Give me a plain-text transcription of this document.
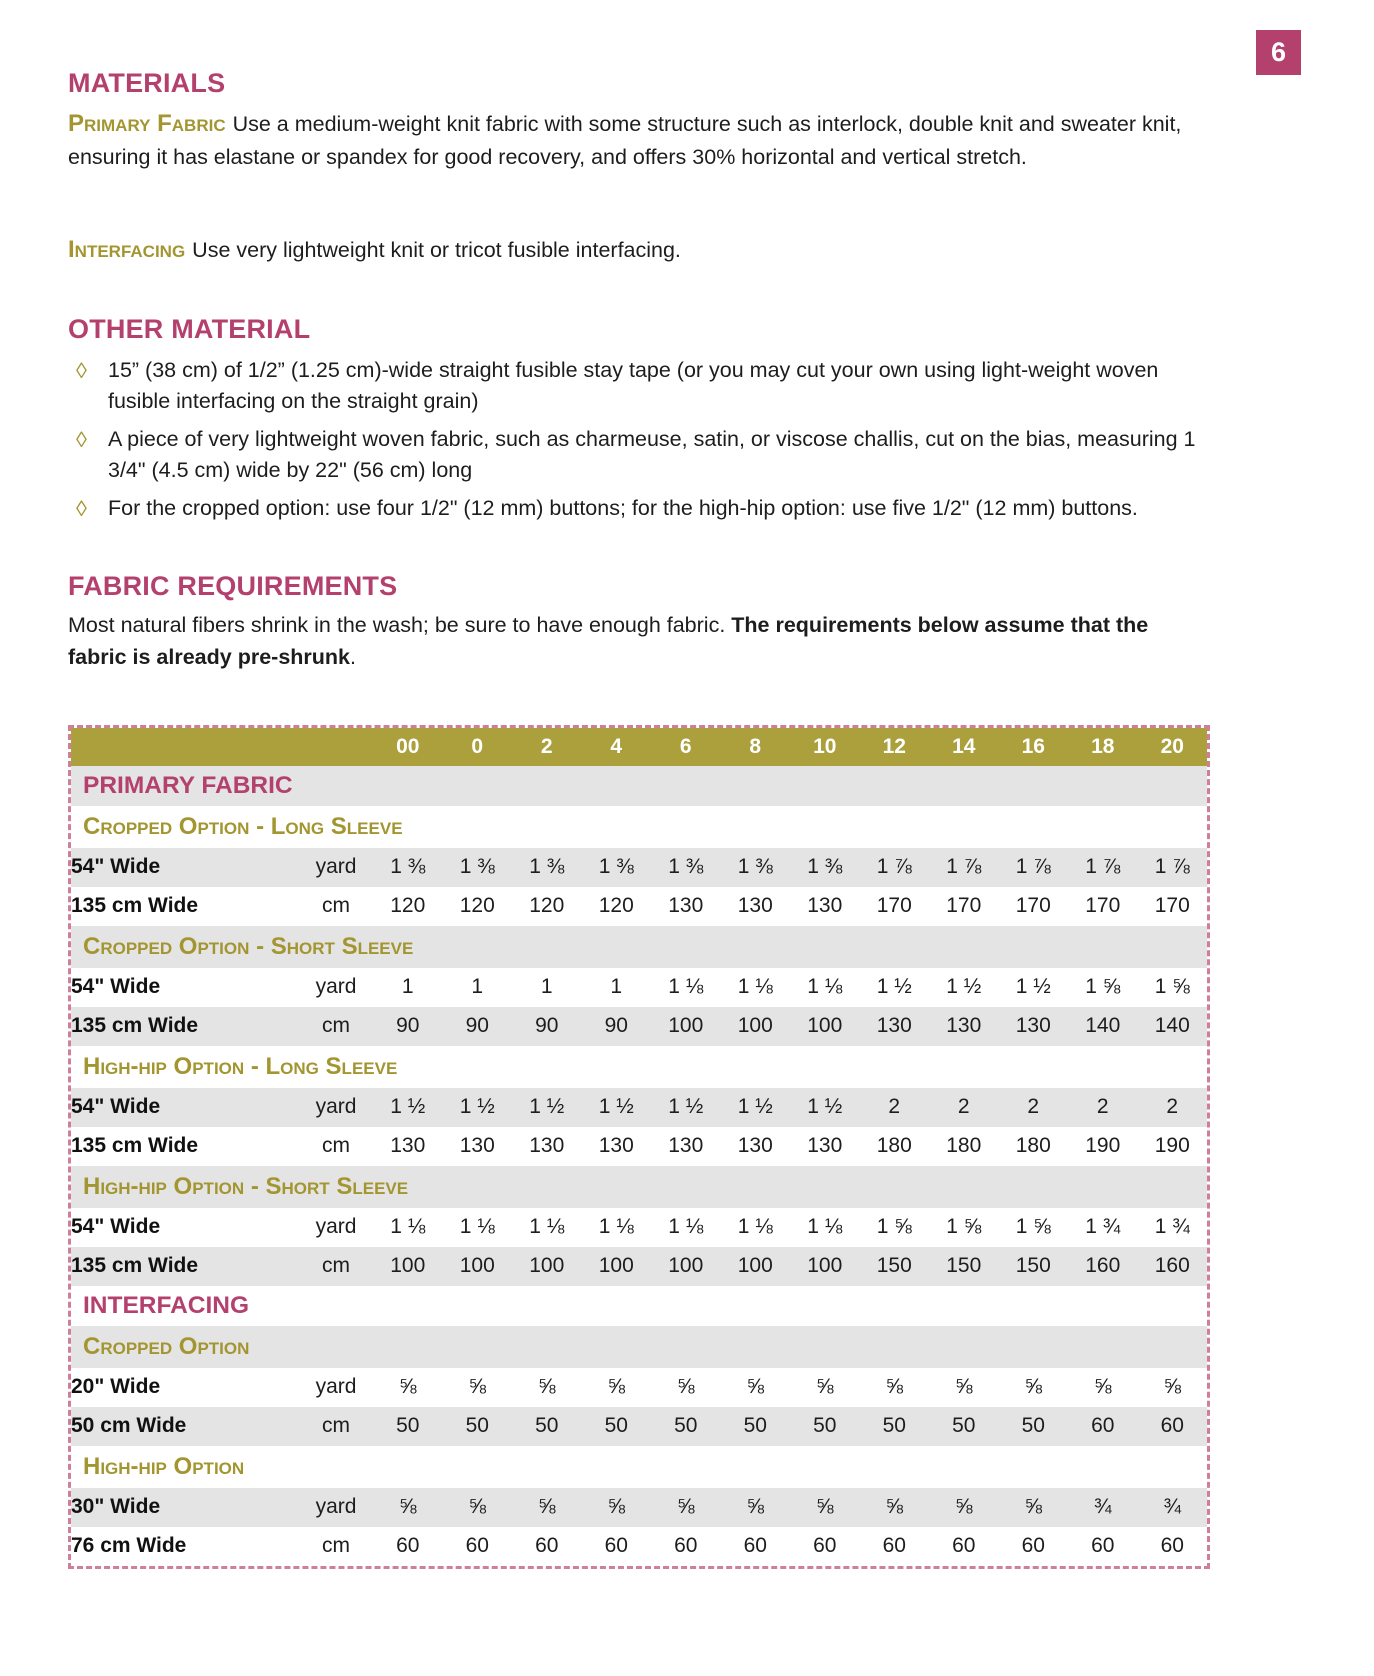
6
MATERIALS

Primary Fabric Use a medium-weight knit fabric with some structure such as interlock, double knit and sweater knit, ensuring it has elastane or spandex for good recovery, and offers 30% horizontal and vertical stretch.

Interfacing Use very lightweight knit or tricot fusible interfacing.

OTHER MATERIAL
◊ 15” (38 cm) of 1/2” (1.25 cm)-wide straight fusible stay tape (or you may cut your own using light-weight woven fusible interfacing on the straight grain)
◊ A piece of very lightweight woven fabric, such as charmeuse, satin, or viscose challis, cut on the bias, measuring 1 3/4" (4.5 cm) wide by 22" (56 cm) long
◊ For the cropped option: use four 1/2" (12 mm) buttons; for the high-hip option: use five 1/2" (12 mm) buttons.
FABRIC REQUIREMENTS

Most natural fibers shrink in the wash; be sure to have enough fabric. The requirements below assume that the fabric is already pre-shrunk.

		00	0	2	4	6	8	10	12	14	16	18	20
PRIMARY FABRIC													
Cropped Option - Long Sleeve													
54" Wide	yard	1 ⅜	1 ⅜	1 ⅜	1 ⅜	1 ⅜	1 ⅜	1 ⅜	1 ⅞	1 ⅞	1 ⅞	1 ⅞	1 ⅞
135 cm Wide	cm	120	120	120	120	130	130	130	170	170	170	170	170
Cropped Option - Short Sleeve													
54" Wide	yard	1	1	1	1	1 ⅛	1 ⅛	1 ⅛	1 ½	1 ½	1 ½	1 ⅝	1 ⅝
135 cm Wide	cm	90	90	90	90	100	100	100	130	130	130	140	140
High-hip Option - Long Sleeve													
54" Wide	yard	1 ½	1 ½	1 ½	1 ½	1 ½	1 ½	1 ½	2	2	2	2	2
135 cm Wide	cm	130	130	130	130	130	130	130	180	180	180	190	190
High-hip Option - Short Sleeve													
54" Wide	yard	1 ⅛	1 ⅛	1 ⅛	1 ⅛	1 ⅛	1 ⅛	1 ⅛	1 ⅝	1 ⅝	1 ⅝	1 ¾	1 ¾
135 cm Wide	cm	100	100	100	100	100	100	100	150	150	150	160	160
INTERFACING													
Cropped Option													
20" Wide	yard	⅝	⅝	⅝	⅝	⅝	⅝	⅝	⅝	⅝	⅝	⅝	⅝
50 cm Wide	cm	50	50	50	50	50	50	50	50	50	50	60	60
High-hip Option													
30" Wide	yard	⅝	⅝	⅝	⅝	⅝	⅝	⅝	⅝	⅝	⅝	¾	¾
76 cm Wide	cm	60	60	60	60	60	60	60	60	60	60	60	60
